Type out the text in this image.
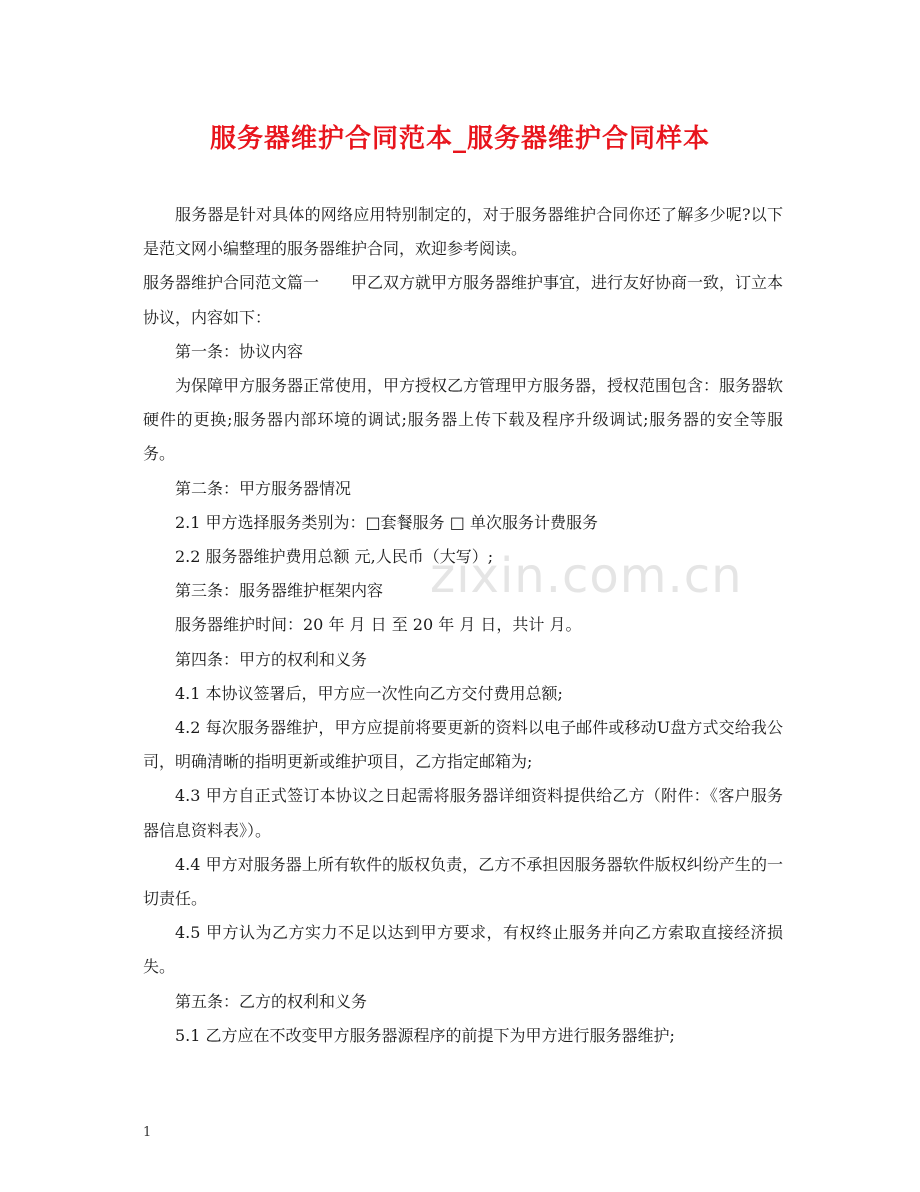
服务器维护合同范本_服务器维护合同样本
zixin.com.cn

服务器是针对具体的网络应用特别制定的，对于服务器维护合同你还了解多少呢?以下是范文网小编整理的服务器维护合同，欢迎参考阅读。

服务器维护合同范文篇一　　甲乙双方就甲方服务器维护事宜，进行友好协商一致，订立本协议，内容如下：

第一条：协议内容

为保障甲方服务器正常使用，甲方授权乙方管理甲方服务器，授权范围包含：服务器软硬件的更换;服务器内部环境的调试;服务器上传下载及程序升级调试;服务器的安全等服务。

第二条：甲方服务器情况

2.1 甲方选择服务类别为：□套餐服务 □ 单次服务计费服务

2.2 服务器维护费用总额 元,人民币（大写）;

第三条：服务器维护框架内容

服务器维护时间：20 年 月 日 至 20 年 月 日，共计 月。

第四条：甲方的权利和义务

4.1 本协议签署后，甲方应一次性向乙方交付费用总额;

4.2 每次服务器维护，甲方应提前将要更新的资料以电子邮件或移动U盘方式交给我公司，明确清晰的指明更新或维护项目，乙方指定邮箱为;

4.3 甲方自正式签订本协议之日起需将服务器详细资料提供给乙方（附件：《客户服务器信息资料表》）。

4.4 甲方对服务器上所有软件的版权负责，乙方不承担因服务器软件版权纠纷产生的一切责任。

4.5 甲方认为乙方实力不足以达到甲方要求，有权终止服务并向乙方索取直接经济损失。

第五条：乙方的权利和义务

5.1 乙方应在不改变甲方服务器源程序的前提下为甲方进行服务器维护;

1
